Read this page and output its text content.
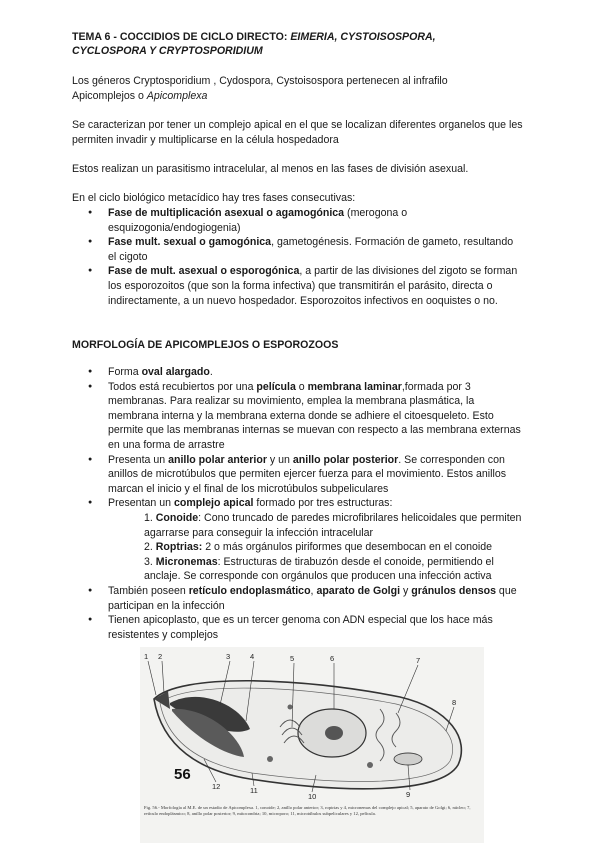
TEMA 6 - COCCIDIOS DE CICLO DIRECTO: EIMERIA, CYSTOISOSPORA,
CYCLOSPORA Y CRYPTOSPORIDIUM
Los géneros Cryptosporidium , Cydospora, Cystoisospora pertenecen al infrafilo
Apicomplejos o Apicomplexa
Se caracterizan por tener un complejo apical en el que se localizan diferentes organelos que les permiten invadir y multiplicarse en la célula hospedadora
Estos realizan un parasitismo intracelular, al menos en las fases de división asexual.
En el ciclo biológico metacídico hay tres fases consecutivas:
● Fase de multiplicación asexual o agamogónica (merogona o esquizogonia/endogiogenia)
● Fase mult. sexual o gamogónica, gametogénesis. Formación de gameto, resultando el cigoto
● Fase de mult. asexual o esporogónica, a partir de las divisiones del zigoto se forman los esporozoitos (que son la forma infectiva) que transmitirán el parásito, directa o indirectamente, a un nuevo hospedador. Esporozoitos infectivos en ooquistes o no.
MORFOLOGÍA DE APICOMPLEJOS O ESPOROZOOS
● Forma oval alargado.
● Todos está recubiertos por una película o membrana laminar,formada por 3 membranas. Para realizar su movimiento, emplea la membrana plasmática, la membrana interna y la membrana externa donde se adhiere el citoesqueleto. Esto permite que las membranas internas se muevan con respecto a las membrana externas en una forma de arrastre
● Presenta un anillo polar anterior y un anillo polar posterior. Se corresponden con anillos de microtúbulos que permiten ejercer fuerza para el movimiento. Estos anillos marcan el inicio y el final de los microtúbulos subpeliculares
● Presentan un complejo apical formado por tres estructuras:
1. Conoide: Cono truncado de paredes microfibrilares helicoidales que permiten agarrarse para conseguir la infección intracelular
2. Roptrias: 2 o más orgánulos piriformes que desembocan en el conoide
3. Micronemas: Estructuras de tirabuzón desde el conoide, permitiendo el anclaje. Se corresponde con orgánulos que producen una infección activa
● También poseen retículo endoplasmático, aparato de Golgi y gránulos densos que participan en la infección
● Tienen apicoplasto, que es un tercer genoma con ADN especial que los hace más resistentes y complejos
1 2	3	4	5	6	7
8
9
10
11
12
56
Fig. 56.- Morfología al M.E. de un estadio de Apicomplexa. 1, conoide; 2, anillo polar anterior; 3, roptrias y 4, micronemas del complejo apical; 5, aparato de Golgi; 6, núcleo; 7, retículo endoplásmico; 8, anillo polar posterior; 9, mitocondria; 10, microporo; 11, microtúbulos subpeliculares y 12, película.
